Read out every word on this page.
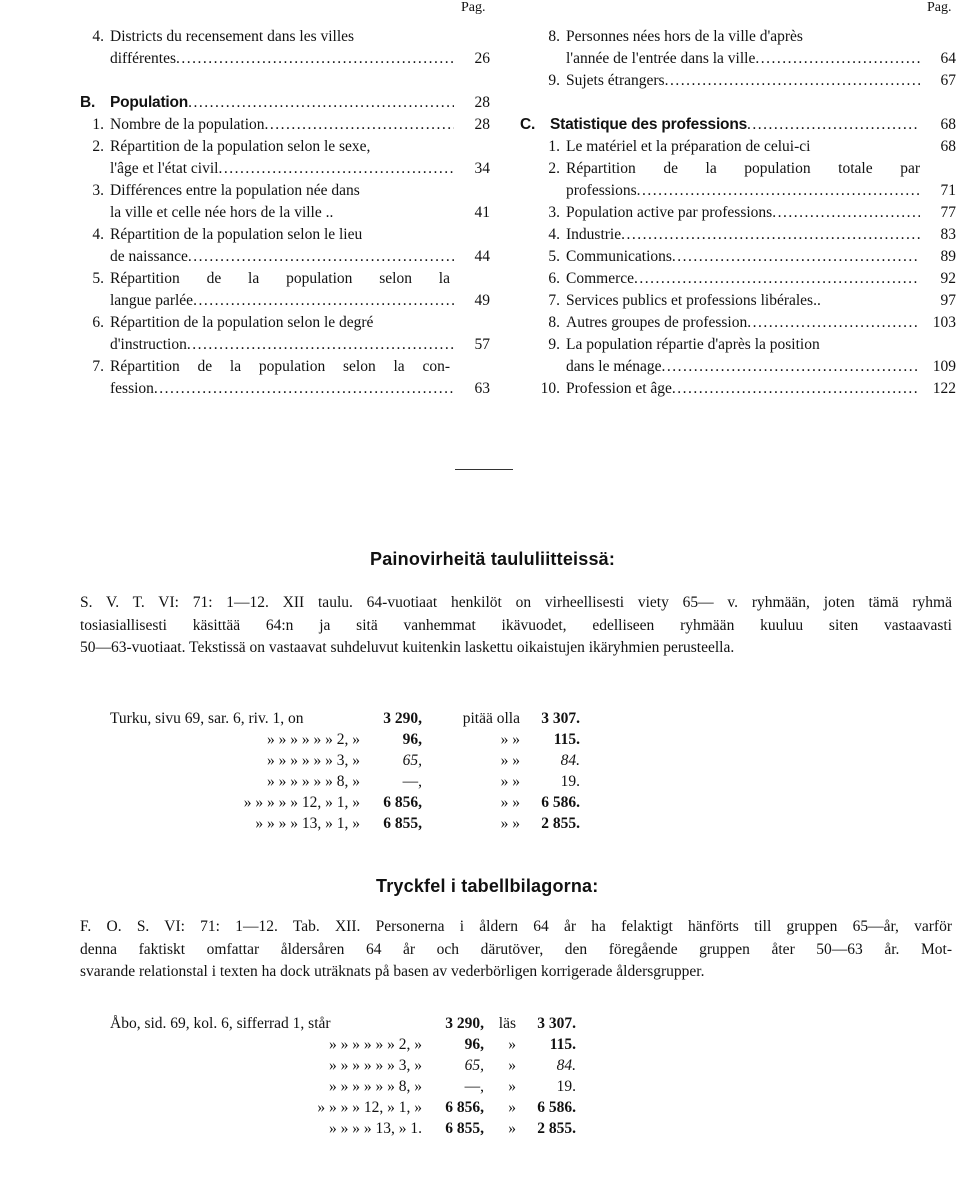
Pag.
4. Districts du recensement dans les villes
différentes .....	26
B. Population .....	28
1. Nombre de la population .....	28
2. Répartition de la population selon le sexe,
l'âge et l'état civil .....	34
3. Différences entre la population née dans
la ville et celle née hors de la ville ..	41
4. Répartition de la population selon le lieu
de naissance .....	44
5. Répartition de la population selon la
langue parlée .....	49
6. Répartition de la population selon le degré
d'instruction .....	57
7. Répartition de la population selon la con-
fession .....	63
Pag.
8. Personnes nées hors de la ville d'après
l'année de l'entrée dans la ville .....	64
9. Sujets étrangers .....	67
C. Statistique des professions .....	68
1. Le matériel et la préparation de celui-ci	68
2. Répartition de la population totale par
professions .....	71
3. Population active par professions .....	77
4. Industrie .....	83
5. Communications .....	89
6. Commerce .....	92
7. Services publics et professions libérales..	97
8. Autres groupes de profession .....	103
9. La population répartie d'après la position
dans le ménage .....	109
10. Profession et âge .....	122
Painovirheitä taululiitteissä:
S. V. T. VI: 71: 1—12. XII taulu. 64-vuotiaat henkilöt on virheellisesti viety 65— v. ryhmään, joten tämä ryhmä
tosiasiallisesti käsittää 64:n ja sitä vanhemmat ikävuodet, edelliseen ryhmään kuuluu siten vastaavasti
50—63-vuotiaat. Tekstissä on vastaavat suhdeluvut kuitenkin laskettu oikaistujen ikäryhmien perusteella.
Turku, sivu 69, sar. 6, riv. 1, on	3 290,	pitää olla	3 307.
» » » » » » 2, »	96,	» »	115.
» » » » » » 3, »	65,	» »	84.
» » » » » » 8, »	—,	» »	19.
» » » » » 12, » 1, »	6 856,	» »	6 586.
» » » » 13, » 1, »	6 855,	» »	2 855.
Tryckfel i tabellbilagorna:
F. O. S. VI: 71: 1—12. Tab. XII. Personerna i åldern 64 år ha felaktigt hänförts till gruppen 65—år, varför
denna faktiskt omfattar åldersåren 64 år och därutöver, den föregående gruppen åter 50—63 år. Mot-
svarande relationstal i texten ha dock uträknats på basen av vederbörligen korrigerade åldersgrupper.
Åbo, sid. 69, kol. 6, sifferrad 1, står	3 290,	läs	3 307.
» » » » » » 2, »	96,	»	115.
» » » » » » 3, »	65,	»	84.
» » » » » » 8, »	—,	»	19.
» » » » 12, » 1, »	6 856,	»	6 586.
» » » » 13, » 1.	6 855,	»	2 855.
